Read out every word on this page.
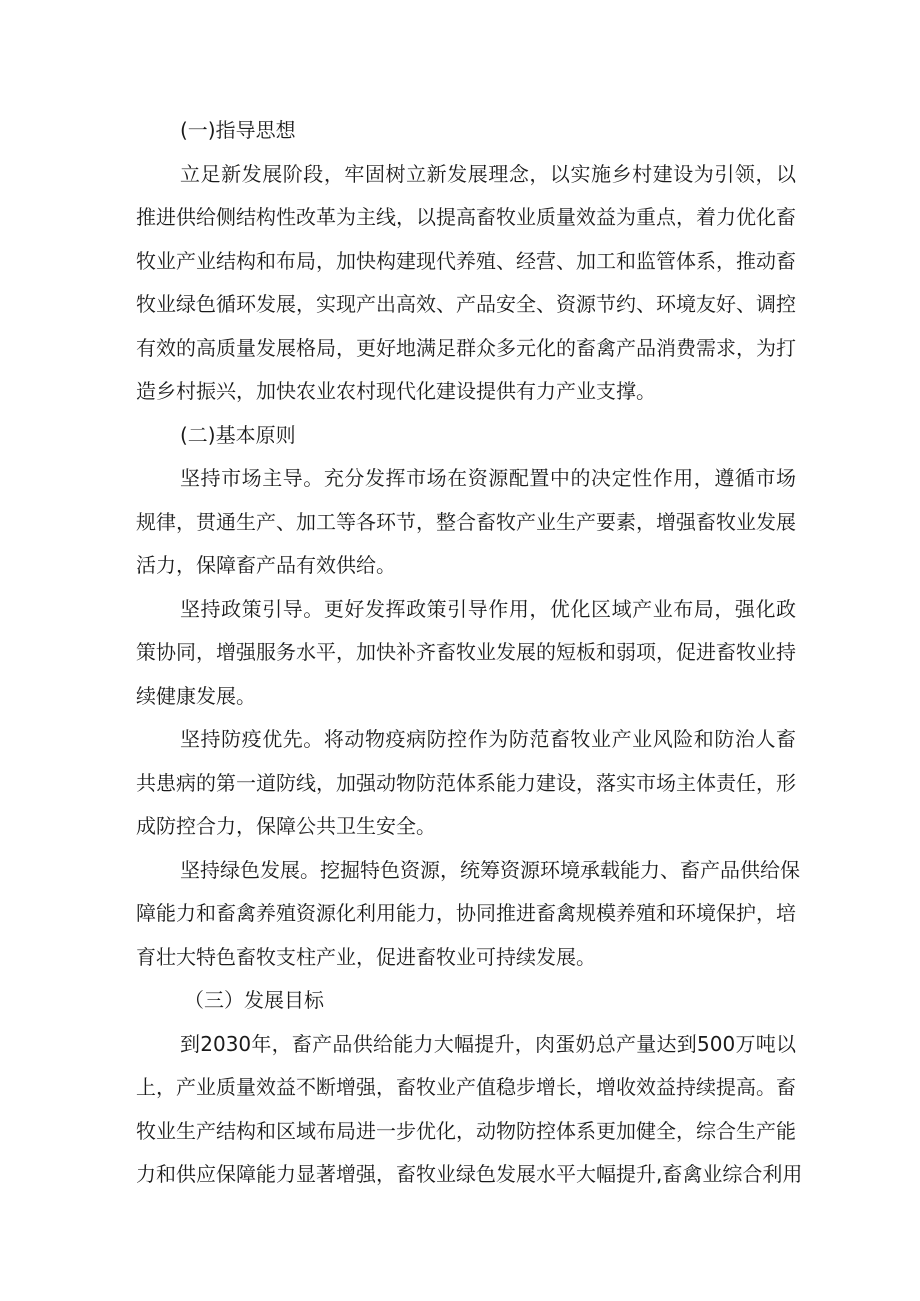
(一)指导思想

立足新发展阶段，牢固树立新发展理念，以实施乡村建设为引领，以
推进供给侧结构性改革为主线，以提高畜牧业质量效益为重点，着力优化畜
牧业产业结构和布局，加快构建现代养殖、经营、加工和监管体系，推动畜
牧业绿色循环发展，实现产出高效、产品安全、资源节约、环境友好、调控
有效的高质量发展格局，更好地满足群众多元化的畜禽产品消费需求，为打
造乡村振兴，加快农业农村现代化建设提供有力产业支撑。

(二)基本原则

坚持市场主导。充分发挥市场在资源配置中的决定性作用，遵循市场
规律，贯通生产、加工等各环节，整合畜牧产业生产要素，增强畜牧业发展
活力，保障畜产品有效供给。

坚持政策引导。更好发挥政策引导作用，优化区域产业布局，强化政
策协同，增强服务水平，加快补齐畜牧业发展的短板和弱项，促进畜牧业持
续健康发展。

坚持防疫优先。将动物疫病防控作为防范畜牧业产业风险和防治人畜
共患病的第一道防线，加强动物防范体系能力建设，落实市场主体责任，形
成防控合力，保障公共卫生安全。

坚持绿色发展。挖掘特色资源，统筹资源环境承载能力、畜产品供给保
障能力和畜禽养殖资源化利用能力，协同推进畜禽规模养殖和环境保护，培
育壮大特色畜牧支柱产业，促进畜牧业可持续发展。

（三）发展目标

到2030年，畜产品供给能力大幅提升，肉蛋奶总产量达到500万吨以
上，产业质量效益不断增强，畜牧业产值稳步增长，增收效益持续提高。畜
牧业生产结构和区域布局进一步优化，动物防控体系更加健全，综合生产能
力和供应保障能力显著增强，畜牧业绿色发展水平大幅提升,畜禽业综合利用
